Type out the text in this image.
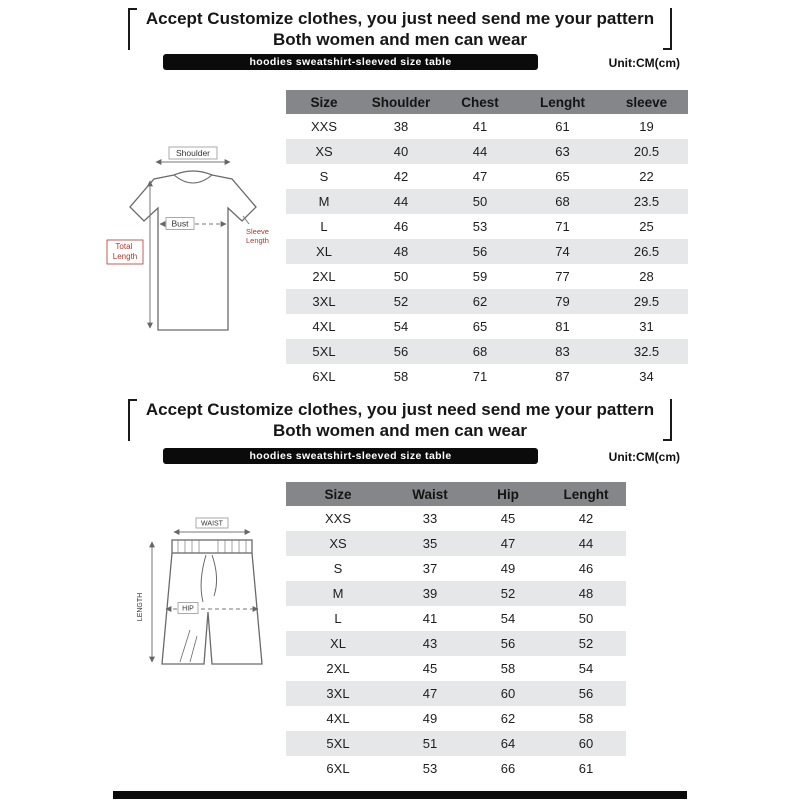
Accept Customize clothes, you just need send me your pattern
Both women and men can wear
hoodies sweatshirt-sleeved size table	Unit:CM(cm)
Shoulder
Bust
Sleeve Length
Total Length
Size	Shoulder	Chest	Lenght	sleeve
XXS	38	41	61	19
XS	40	44	63	20.5
S	42	47	65	22
M	44	50	68	23.5
L	46	53	71	25
XL	48	56	74	26.5
2XL	50	59	77	28
3XL	52	62	79	29.5
4XL	54	65	81	31
5XL	56	68	83	32.5
6XL	58	71	87	34
Accept Customize clothes, you just need send me your pattern
Both women and men can wear
hoodies sweatshirt-sleeved size table	Unit:CM(cm)
WAIST
HIP
LENGTH
Size	Waist	Hip	Lenght
XXS	33	45	42
XS	35	47	44
S	37	49	46
M	39	52	48
L	41	54	50
XL	43	56	52
2XL	45	58	54
3XL	47	60	56
4XL	49	62	58
5XL	51	64	60
6XL	53	66	61
